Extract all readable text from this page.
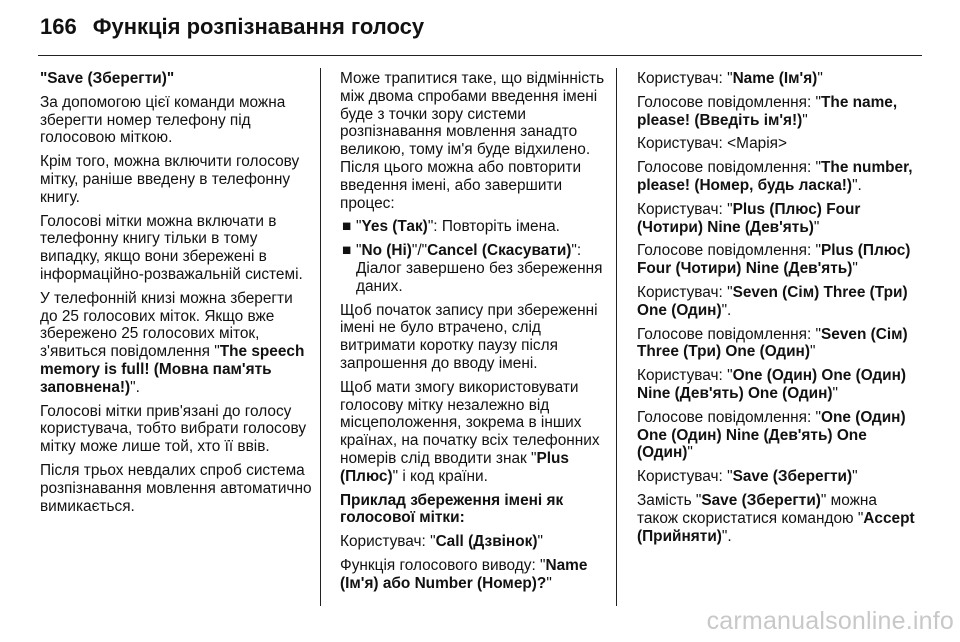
166 Функція розпізнавання голосу

"Save (Зберегти)"

За допомогою цієї команди можна зберегти номер телефону під голосовою міткою.

Крім того, можна включити голосову мітку, раніше введену в телефонну книгу.

Голосові мітки можна включати в телефонну книгу тільки в тому випадку, якщо вони збережені в інформаційно-розважальній системі.

У телефонній книзі можна зберегти до 25 голосових міток. Якщо вже збережено 25 голосових міток, з'явиться повідомлення "The speech memory is full! (Мовна пам'ять заповнена!)".

Голосові мітки прив'язані до голосу користувача, тобто вибрати голосову мітку може лише той, хто її ввів.

Після трьох невдалих спроб система розпізнавання мовлення автоматично вимикається.

Може трапитися таке, що відмінність між двома спробами введення імені буде з точки зору системи розпізнавання мовлення занадто великою, тому ім'я буде відхилено. Після цього можна або повторити введення імені, або завершити процес:

■ "Yes (Так)": Повторіть імена.
■ "No (Ні)"/"Cancel (Скасувати)": Діалог завершено без збереження даних.

Щоб початок запису при збереженні імені не було втрачено, слід витримати коротку паузу після запрошення до вводу імені.

Щоб мати змогу використовувати голосову мітку незалежно від місцеположення, зокрема в інших країнах, на початку всіх телефонних номерів слід вводити знак "Plus (Плюс)" і код країни.

Приклад збереження імені як голосової мітки:

Користувач: "Call (Дзвінок)"

Функція голосового виводу: "Name (Ім'я) або Number (Номер)?"

Користувач: "Name (Ім'я)"

Голосове повідомлення: "The name, please! (Введіть ім'я!)"

Користувач: <Марія>

Голосове повідомлення: "The number, please! (Номер, будь ласка!)".

Користувач: "Plus (Плюс) Four (Чотири) Nine (Дев'ять)"

Голосове повідомлення: "Plus (Плюс) Four (Чотири) Nine (Дев'ять)"

Користувач: "Seven (Сім) Three (Три) One (Один)".

Голосове повідомлення: "Seven (Сім) Three (Три) One (Один)"

Користувач: "One (Один) One (Один) Nine (Дев'ять) One (Один)"

Голосове повідомлення: "One (Один) One (Один) Nine (Дев'ять) One (Один)"

Користувач: "Save (Зберегти)"

Замість "Save (Зберегти)" можна також скористатися командою "Accept (Прийняти)".

carmanualsonline.info
